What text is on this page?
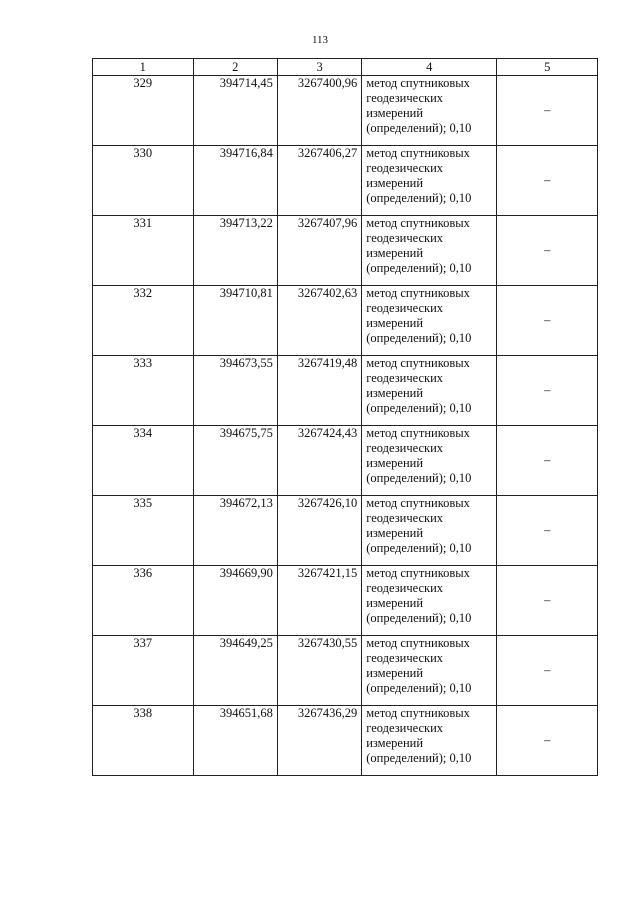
113
1	2	3	4	5
329	394714,45	3267400,96	метод спутниковых геодезических измерений (определений); 0,10	–
330	394716,84	3267406,27	метод спутниковых геодезических измерений (определений); 0,10	–
331	394713,22	3267407,96	метод спутниковых геодезических измерений (определений); 0,10	–
332	394710,81	3267402,63	метод спутниковых геодезических измерений (определений); 0,10	–
333	394673,55	3267419,48	метод спутниковых геодезических измерений (определений); 0,10	–
334	394675,75	3267424,43	метод спутниковых геодезических измерений (определений); 0,10	–
335	394672,13	3267426,10	метод спутниковых геодезических измерений (определений); 0,10	–
336	394669,90	3267421,15	метод спутниковых геодезических измерений (определений); 0,10	–
337	394649,25	3267430,55	метод спутниковых геодезических измерений (определений); 0,10	–
338	394651,68	3267436,29	метод спутниковых геодезических измерений (определений); 0,10	–
